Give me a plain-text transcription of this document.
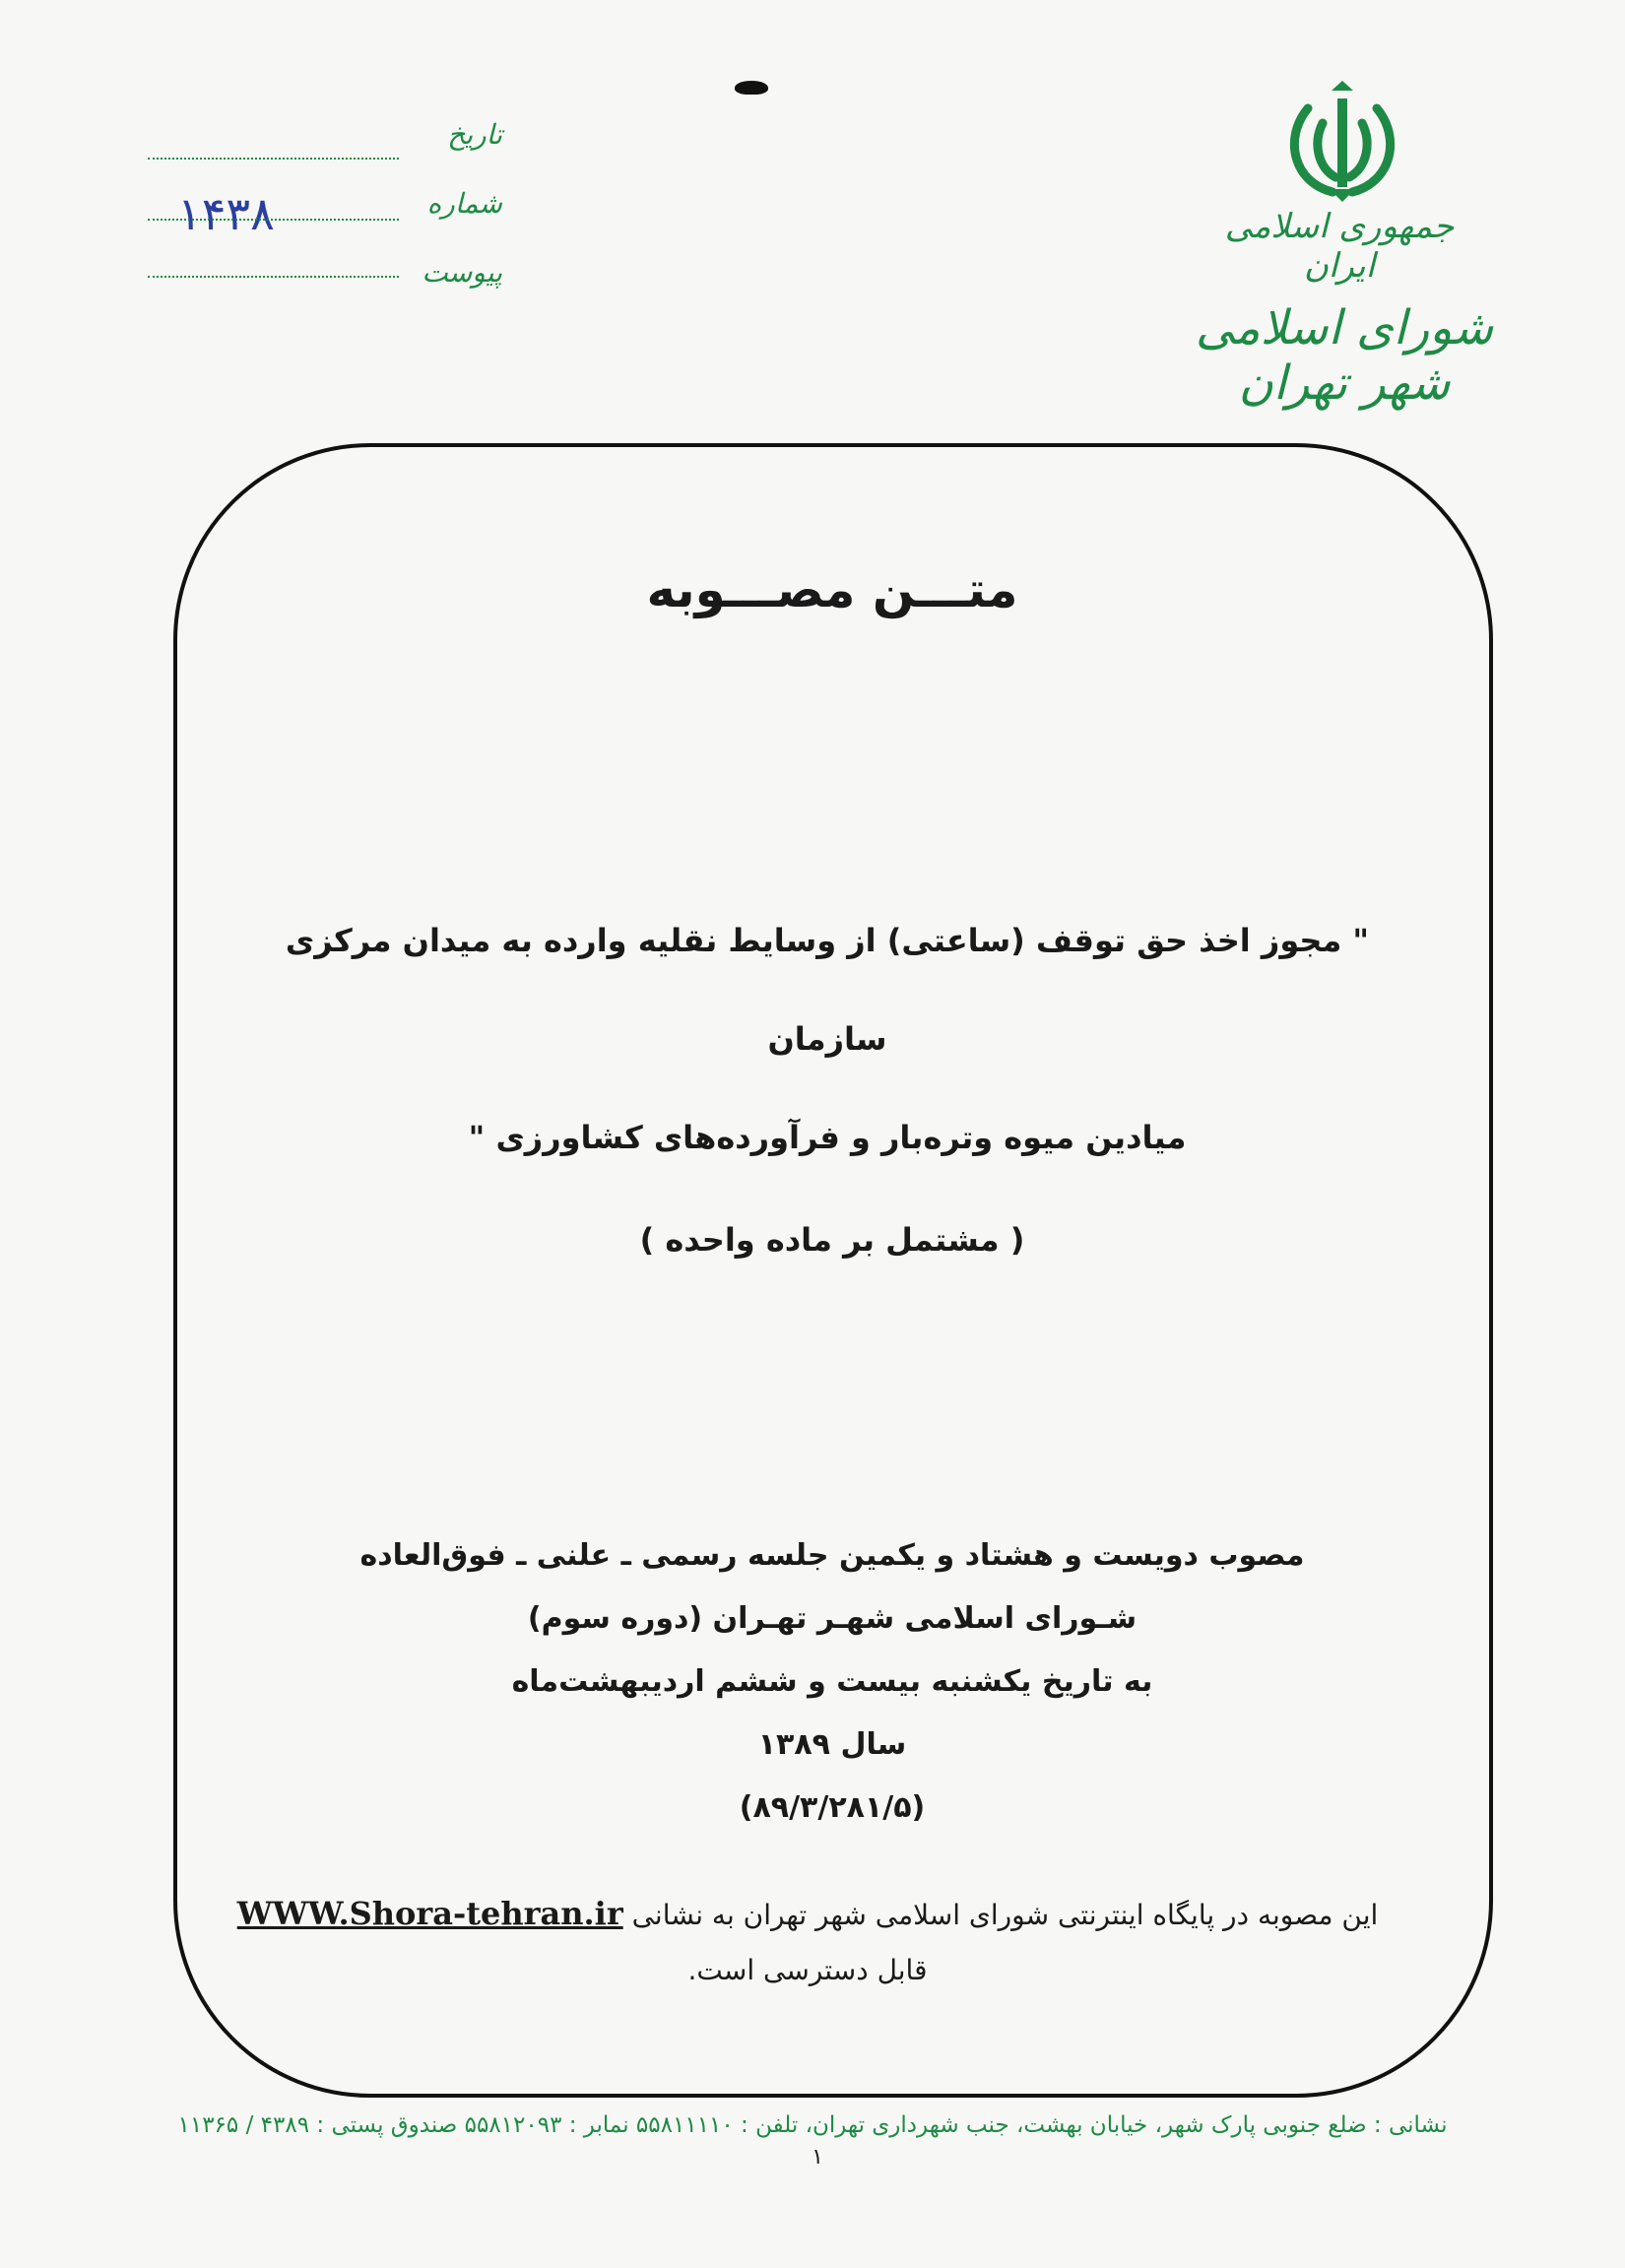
جمهوری اسلامی ایران
شورای اسلامی شهر تهران
تاریخ
شماره
۱۴۳۸
پیوست
متـــن مصـــوبه
" مجوز اخذ حق توقف (ساعتی) از وسایط نقلیه وارده به میدان مرکزی سازمان
میادین میوه وتره‌بار و فرآورده‌های کشاورزی "
( مشتمل بر ماده واحده )
مصوب دویست و هشتاد و یکمین جلسه رسمی ـ علنی ـ فوق‌العاده
شـورای اسلامی شهـر تهـران (دوره سوم)
به تاریخ یکشنبه بیست و ششم اردیبهشت‌ماه
سال ۱۳۸۹
(۸۹/۳/۲۸۱/۵)
این مصوبه در پایگاه اینترنتی شورای اسلامی شهر تهران به نشانی WWW.Shora-tehran.ir
قابل دسترسی است.
نشانی : ضلع جنوبی پارک شهر، خیابان بهشت، جنب شهرداری تهران، تلفن : ۵۵۸۱۱۱۱۰ نمابر : ۵۵۸۱۲۰۹۳ صندوق پستی : ۴۳۸۹ / ۱۱۳۶۵
۱
